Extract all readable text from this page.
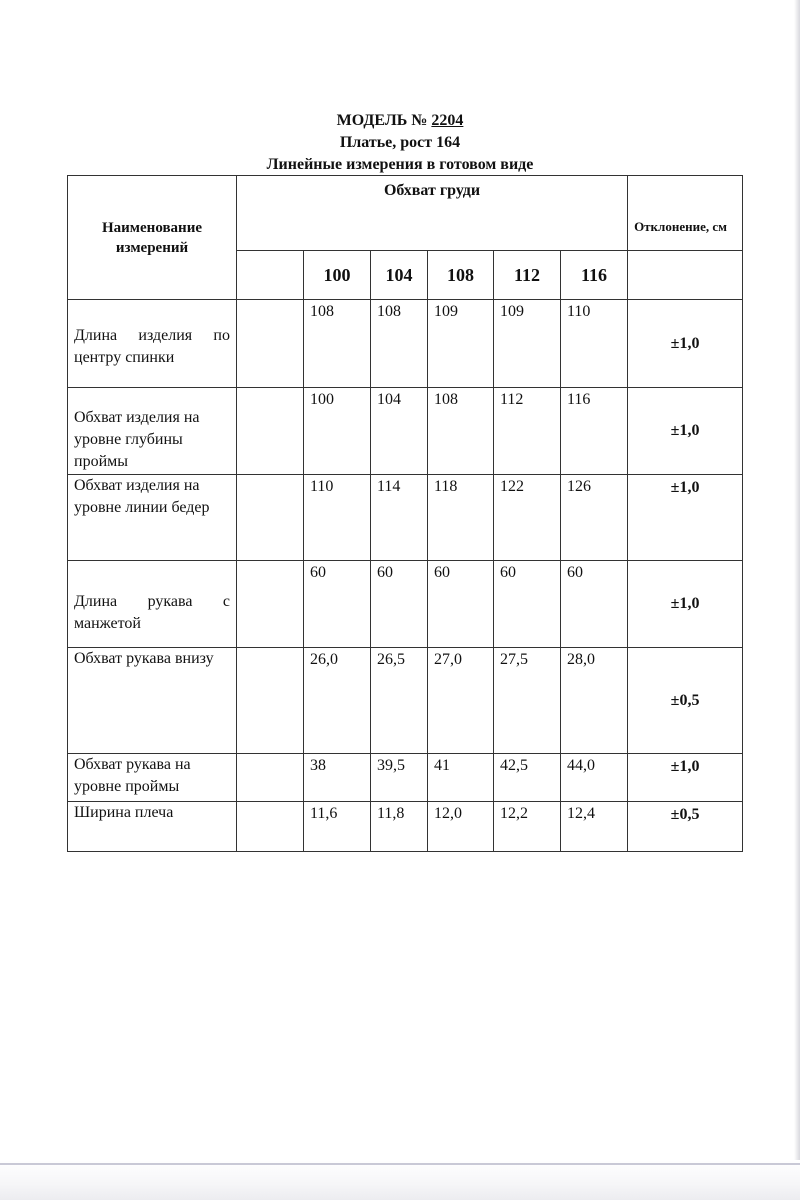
МОДЕЛЬ № 2204
Платье, рост 164
Линейные измерения в готовом виде
Наименование измерений	Обхват груди						Отклонение, см
		100	104	108	112	116	
Длина изделия по центру спинки		108	108	109	109	110	±1,0
Обхват изделия на уровне глубины проймы		100	104	108	112	116	±1,0
Обхват изделия на уровне линии бедер		110	114	118	122	126	±1,0
Длина рукава с манжетой		60	60	60	60	60	±1,0
Обхват рукава внизу		26,0	26,5	27,0	27,5	28,0	±0,5
Обхват рукава на уровне проймы		38	39,5	41	42,5	44,0	±1,0
Ширина плеча		11,6	11,8	12,0	12,2	12,4	±0,5
